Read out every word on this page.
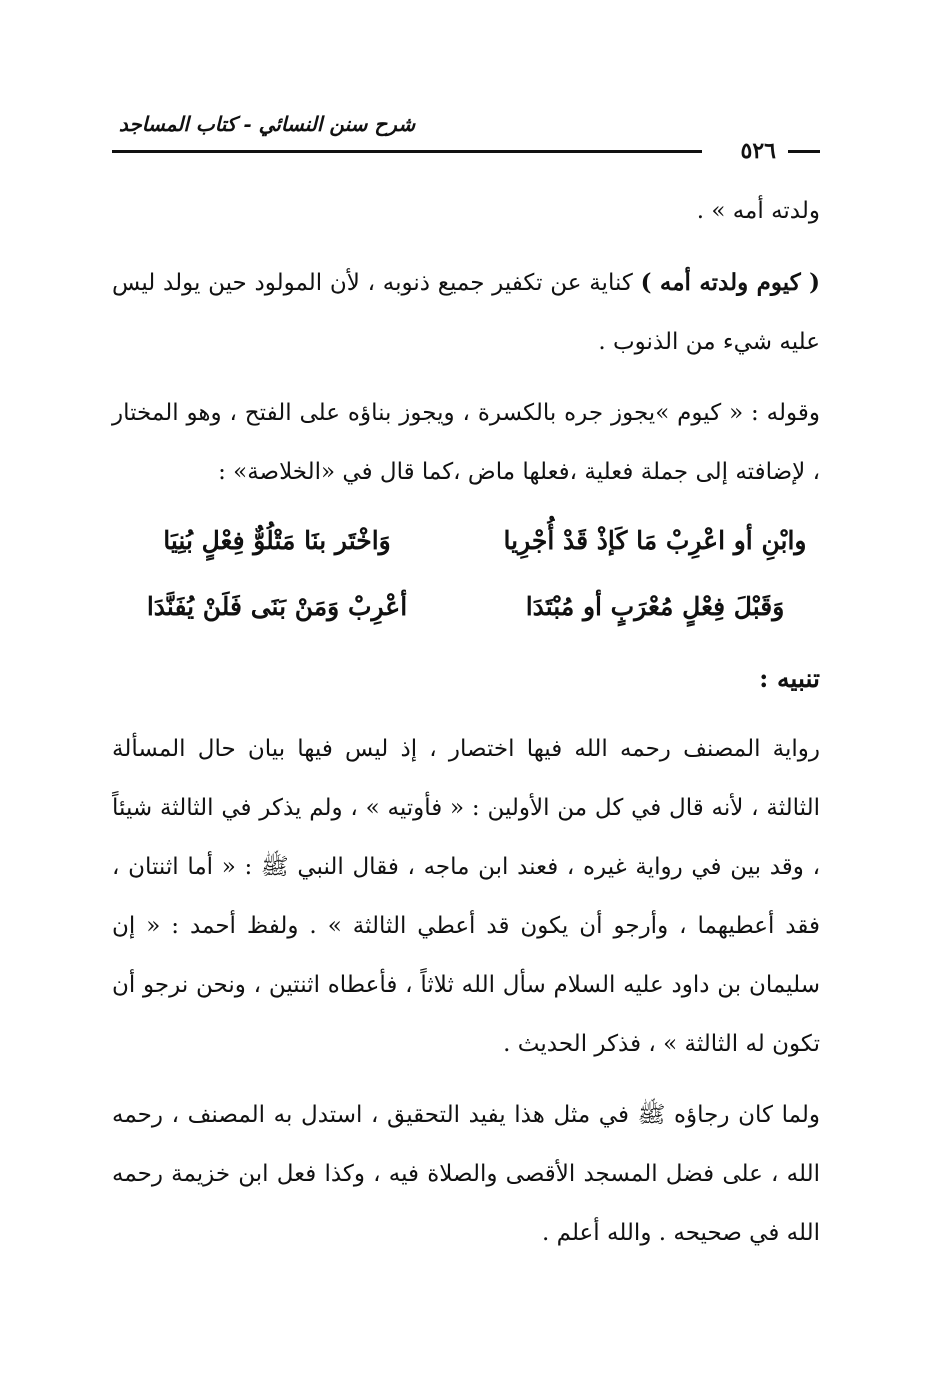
شرح سنن النسائي - كتاب المساجد
٥٢٦

ولدته أمه » .

( كيوم ولدته أمه ) كناية عن تكفير جميع ذنوبه ، لأن المولود حين يولد ليس عليه شيء من الذنوب .

وقوله : « كيوم »يجوز جره بالكسرة ، ويجوز بناؤه على الفتح ، وهو المختار ، لإضافته إلى جملة فعلية ،فعلها ماض ،كما قال في «الخلاصة» :

وابْنِ أو اعْرِبْ مَا كَإذْ قَدْ أُجْرِيا
وَاخْتَر بنَا مَتْلُوٌّ فِعْلٍ بُنِيَا
وَقَبْلَ فِعْلٍ مُعْرَبٍ أو مُبْتَدَا
أعْرِبْ وَمَنْ بَنَى فَلَنْ يُفَنَّدَا
تنبيه :

رواية المصنف رحمه الله فيها اختصار ، إذ ليس فيها بيان حال المسألة الثالثة ، لأنه قال في كل من الأولين : « فأوتيه » ، ولم يذكر في الثالثة شيئاً ، وقد بين في رواية غيره ، فعند ابن ماجه ، فقال النبي ﷺ : « أما اثنتان ، فقد أعطيهما ، وأرجو أن يكون قد أعطي الثالثة » . ولفظ أحمد : « إن سليمان بن داود عليه السلام سأل الله ثلاثاً ، فأعطاه اثنتين ، ونحن نرجو أن تكون له الثالثة » ، فذكر الحديث .

ولما كان رجاؤه ﷺ في مثل هذا يفيد التحقيق ، استدل به المصنف ، رحمه الله ، على فضل المسجد الأقصى والصلاة فيه ، وكذا فعل ابن خزيمة رحمه الله في صحيحه . والله أعلم .
